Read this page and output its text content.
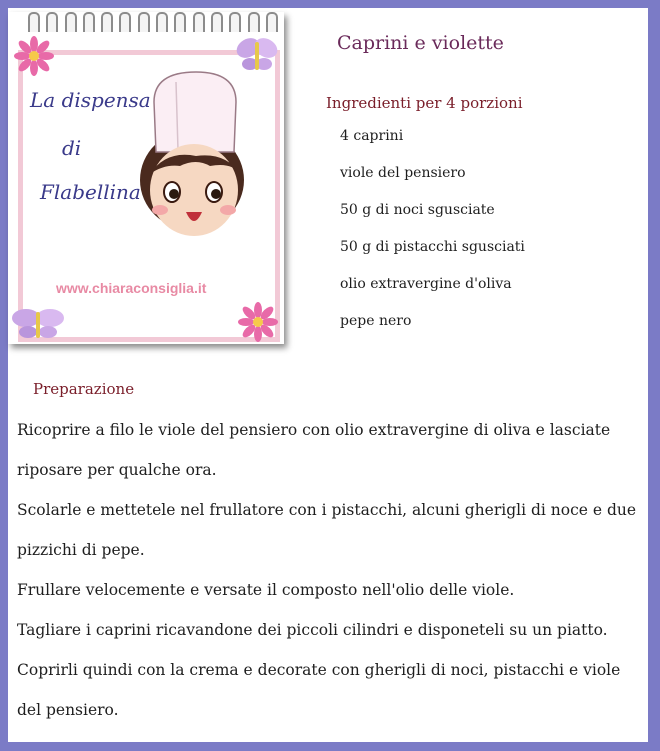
La dispensa
di
Flabellina
www.chiaraconsiglia.it
Caprini e violette
Ingredienti per 4 porzioni
4 caprini
viole del pensiero
50 g di noci sgusciate
50 g di pistacchi sgusciati
olio extravergine d'oliva
pepe nero
Preparazione

Ricoprire a filo le viole del pensiero con olio extravergine di oliva e lasciate

riposare per qualche ora.

Scolarle e mettetele nel frullatore con i pistacchi, alcuni gherigli di noce e due

pizzichi di pepe.

Frullare velocemente e versate il composto nell'olio delle viole.

Tagliare i caprini ricavandone dei piccoli cilindri e disponeteli su un piatto.

Coprirli quindi con la crema e decorate con gherigli di noci, pistacchi e viole

del pensiero.
